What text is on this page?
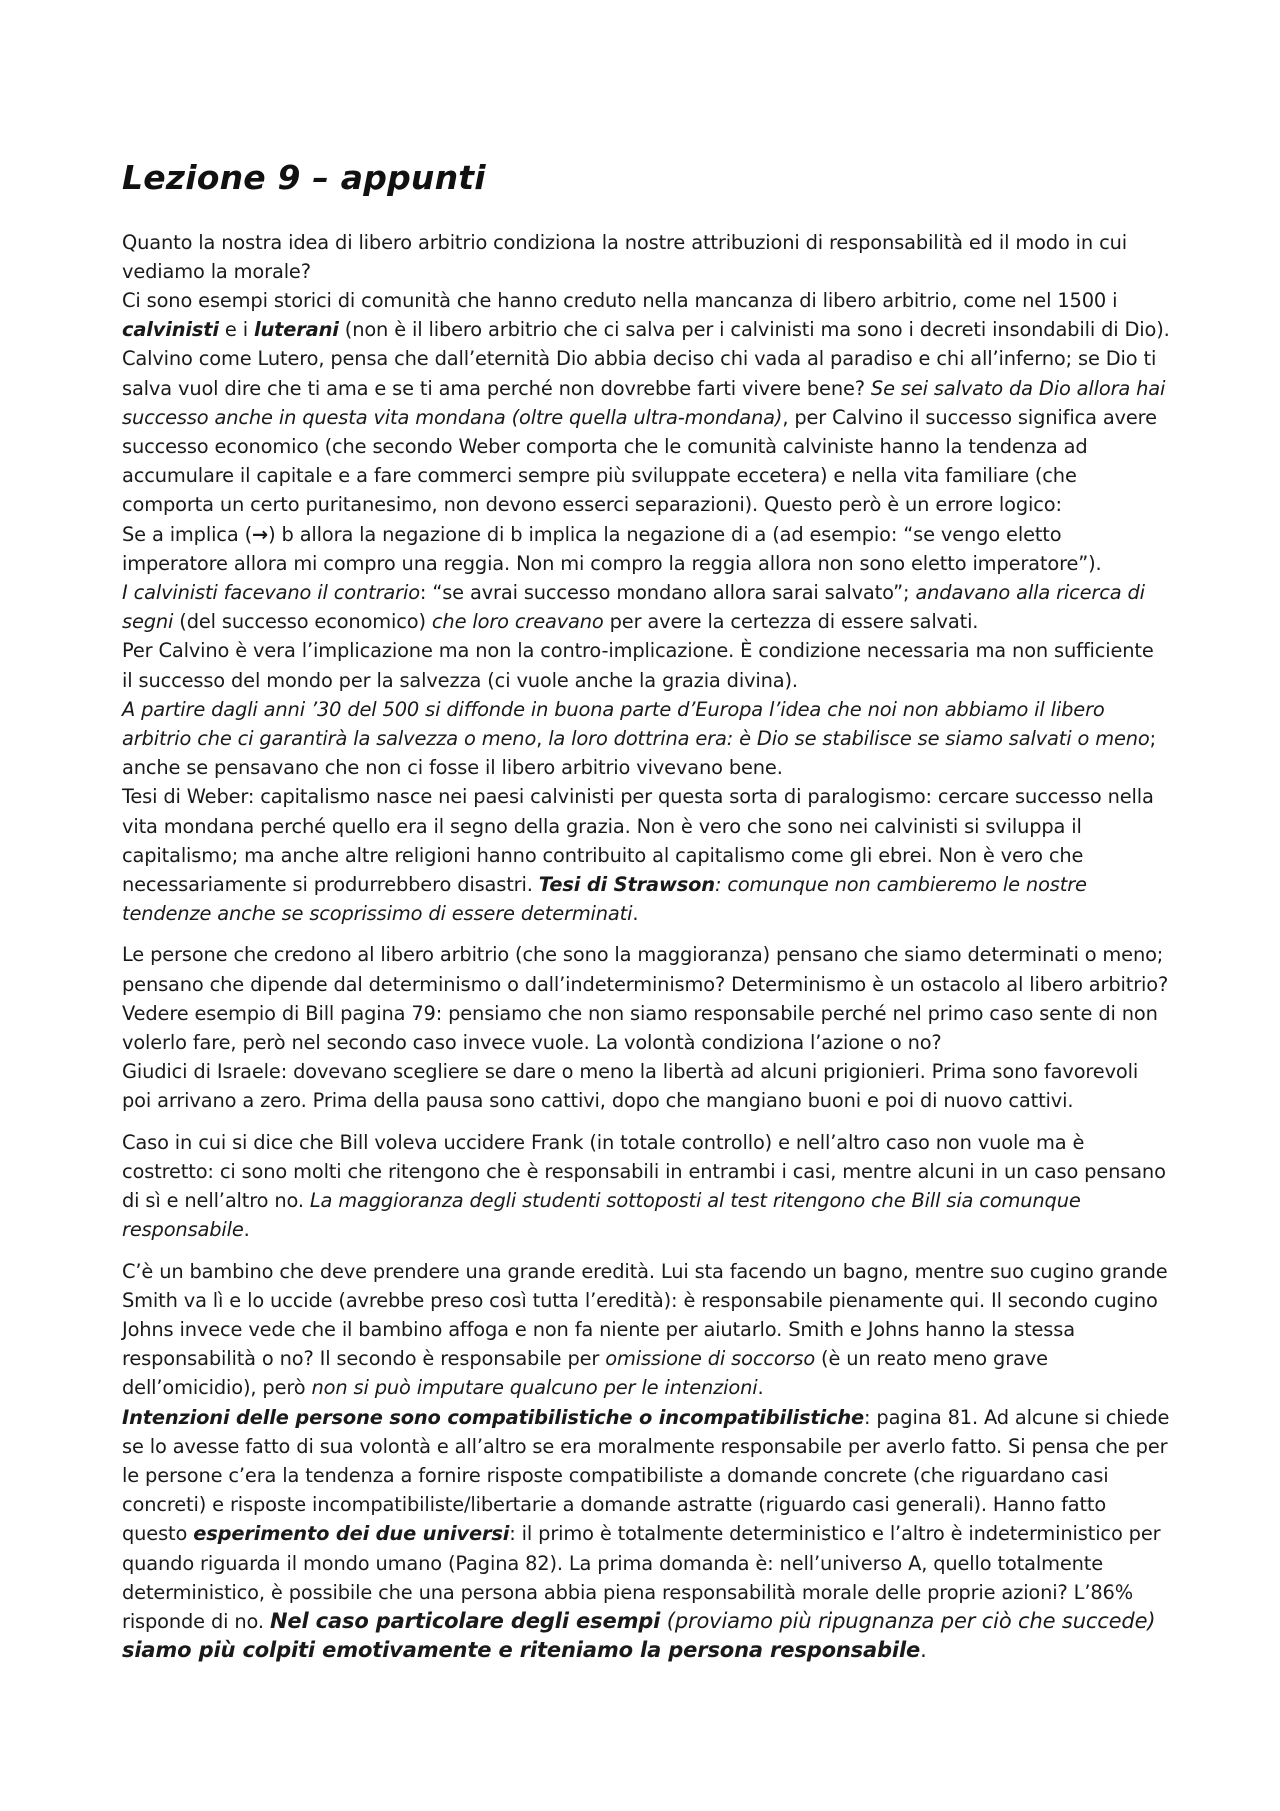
Lezione 9 – appunti

Quanto la nostra idea di libero arbitrio condiziona la nostre attribuzioni di responsabilità ed il modo in cui vediamo la morale?
Ci sono esempi storici di comunità che hanno creduto nella mancanza di libero arbitrio, come nel 1500 i calvinisti e i luterani (non è il libero arbitrio che ci salva per i calvinisti ma sono i decreti insondabili di Dio).
Calvino come Lutero, pensa che dall’eternità Dio abbia deciso chi vada al paradiso e chi all’inferno; se Dio ti salva vuol dire che ti ama e se ti ama perché non dovrebbe farti vivere bene? Se sei salvato da Dio allora hai successo anche in questa vita mondana (oltre quella ultra-mondana), per Calvino il successo significa avere successo economico (che secondo Weber comporta che le comunità calviniste hanno la tendenza ad accumulare il capitale e a fare commerci sempre più sviluppate eccetera) e nella vita familiare (che comporta un certo puritanesimo, non devono esserci separazioni). Questo però è un errore logico:
Se a implica (→) b allora la negazione di b implica la negazione di a (ad esempio: “se vengo eletto imperatore allora mi compro una reggia. Non mi compro la reggia allora non sono eletto imperatore”).
I calvinisti facevano il contrario: “se avrai successo mondano allora sarai salvato”; andavano alla ricerca di segni (del successo economico) che loro creavano per avere la certezza di essere salvati.
Per Calvino è vera l’implicazione ma non la contro-implicazione. È condizione necessaria ma non sufficiente il successo del mondo per la salvezza (ci vuole anche la grazia divina).
A partire dagli anni ’30 del 500 si diffonde in buona parte d’Europa l’idea che noi non abbiamo il libero arbitrio che ci garantirà la salvezza o meno, la loro dottrina era: è Dio se stabilisce se siamo salvati o meno; anche se pensavano che non ci fosse il libero arbitrio vivevano bene.
Tesi di Weber: capitalismo nasce nei paesi calvinisti per questa sorta di paralogismo: cercare successo nella vita mondana perché quello era il segno della grazia. Non è vero che sono nei calvinisti si sviluppa il capitalismo; ma anche altre religioni hanno contribuito al capitalismo come gli ebrei. Non è vero che necessariamente si produrrebbero disastri. Tesi di Strawson: comunque non cambieremo le nostre tendenze anche se scoprissimo di essere determinati.

Le persone che credono al libero arbitrio (che sono la maggioranza) pensano che siamo determinati o meno; pensano che dipende dal determinismo o dall’indeterminismo? Determinismo è un ostacolo al libero arbitrio? Vedere esempio di Bill pagina 79: pensiamo che non siamo responsabile perché nel primo caso sente di non volerlo fare, però nel secondo caso invece vuole. La volontà condiziona l’azione o no?
Giudici di Israele: dovevano scegliere se dare o meno la libertà ad alcuni prigionieri. Prima sono favorevoli poi arrivano a zero. Prima della pausa sono cattivi, dopo che mangiano buoni e poi di nuovo cattivi.

Caso in cui si dice che Bill voleva uccidere Frank (in totale controllo) e nell’altro caso non vuole ma è costretto: ci sono molti che ritengono che è responsabili in entrambi i casi, mentre alcuni in un caso pensano di sì e nell’altro no. La maggioranza degli studenti sottoposti al test ritengono che Bill sia comunque responsabile.

C’è un bambino che deve prendere una grande eredità. Lui sta facendo un bagno, mentre suo cugino grande Smith va lì e lo uccide (avrebbe preso così tutta l’eredità): è responsabile pienamente qui. Il secondo cugino Johns invece vede che il bambino affoga e non fa niente per aiutarlo. Smith e Johns hanno la stessa responsabilità o no? Il secondo è responsabile per omissione di soccorso (è un reato meno grave dell’omicidio), però non si può imputare qualcuno per le intenzioni.
Intenzioni delle persone sono compatibilistiche o incompatibilistiche: pagina 81. Ad alcune si chiede se lo avesse fatto di sua volontà e all’altro se era moralmente responsabile per averlo fatto. Si pensa che per le persone c’era la tendenza a fornire risposte compatibiliste a domande concrete (che riguardano casi concreti) e risposte incompatibiliste/libertarie a domande astratte (riguardo casi generali). Hanno fatto questo esperimento dei due universi: il primo è totalmente deterministico e l’altro è indeterministico per quando riguarda il mondo umano (Pagina 82). La prima domanda è: nell’universo A, quello totalmente deterministico, è possibile che una persona abbia piena responsabilità morale delle proprie azioni? L’86% risponde di no. Nel caso particolare degli esempi (proviamo più ripugnanza per ciò che succede) siamo più colpiti emotivamente e riteniamo la persona responsabile.
